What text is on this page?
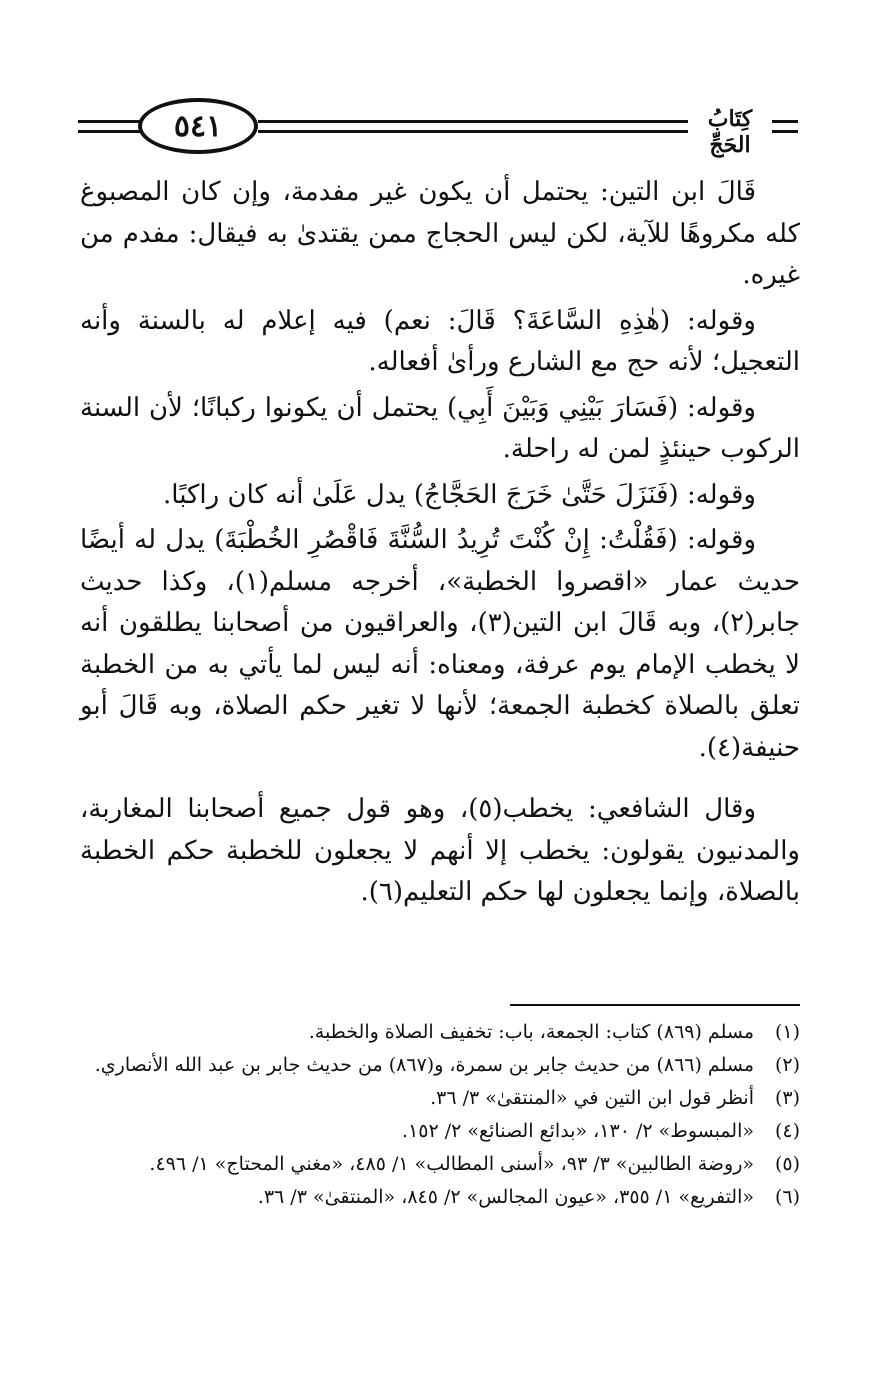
٥٤١	كِتَابُ الحَجِّ

قَالَ ابن التين: يحتمل أن يكون غير مفدمة، وإن كان المصبوغ كله مكروهًا للآية، لكن ليس الحجاج ممن يقتدىٰ به فيقال: مفدم من غيره.

وقوله: (هٰذِهِ السَّاعَةَ؟ قَالَ: نعم) فيه إعلام له بالسنة وأنه التعجيل؛ لأنه حج مع الشارع ورأىٰ أفعاله.

وقوله: (فَسَارَ بَيْنِي وَبَيْنَ أَبِي) يحتمل أن يكونوا ركبانًا؛ لأن السنة الركوب حينئذٍ لمن له راحلة.

وقوله: (فَنَزَلَ حَتَّىٰ خَرَجَ الحَجَّاجُ) يدل عَلَىٰ أنه كان راكبًا.

وقوله: (فَقُلْتُ: إِنْ كُنْتَ تُرِيدُ السُّنَّةَ فَاقْصُرِ الخُطْبَةَ) يدل له أيضًا حديث عمار «اقصروا الخطبة»، أخرجه مسلم(١)، وكذا حديث جابر(٢)، وبه قَالَ ابن التين(٣)، والعراقيون من أصحابنا يطلقون أنه لا يخطب الإمام يوم عرفة، ومعناه: أنه ليس لما يأتي به من الخطبة تعلق بالصلاة كخطبة الجمعة؛ لأنها لا تغير حكم الصلاة، وبه قَالَ أبو حنيفة(٤).

وقال الشافعي: يخطب(٥)، وهو قول جميع أصحابنا المغاربة، والمدنيون يقولون: يخطب إلا أنهم لا يجعلون للخطبة حكم الخطبة بالصلاة، وإنما يجعلون لها حكم التعليم(٦).

(١)
مسلم (٨٦٩) كتاب: الجمعة، باب: تخفيف الصلاة والخطبة.
(٢)
مسلم (٨٦٦) من حديث جابر بن سمرة، و(٨٦٧) من حديث جابر بن عبد الله الأنصاري.
(٣)
أنظر قول ابن التين في «المنتقىٰ» ٣/ ٣٦.
(٤)
«المبسوط» ٢/ ١٣٠، «بدائع الصنائع» ٢/ ١٥٢.
(٥)
«روضة الطالبين» ٣/ ٩٣، «أسنى المطالب» ١/ ٤٨٥، «مغني المحتاج» ١/ ٤٩٦.
(٦)
«التفريع» ١/ ٣٥٥، «عيون المجالس» ٢/ ٨٤٥، «المنتقىٰ» ٣/ ٣٦.
